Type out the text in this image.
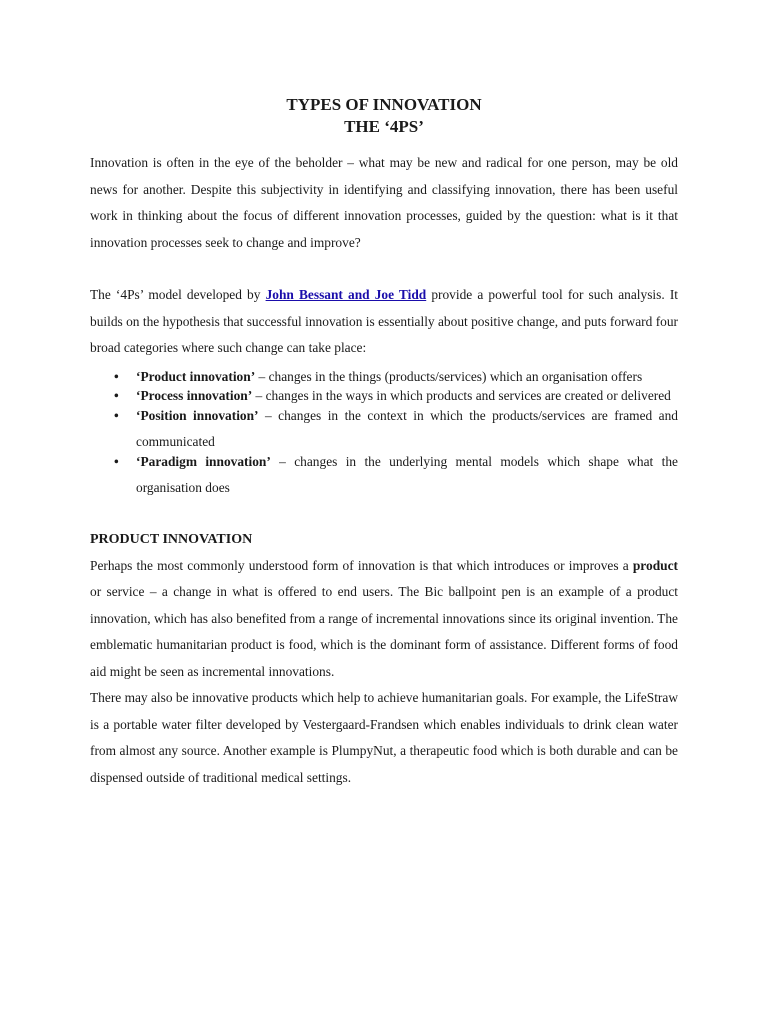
TYPES OF INNOVATION

THE ‘4PS’

Innovation is often in the eye of the beholder – what may be new and radical for one person, may be old news for another. Despite this subjectivity in identifying and classifying innovation, there has been useful work in thinking about the focus of different innovation processes, guided by the question: what is it that innovation processes seek to change and improve?

The ‘4Ps’ model developed by John Bessant and Joe Tidd provide a powerful tool for such analysis. It builds on the hypothesis that successful innovation is essentially about positive change, and puts forward four broad categories where such change can take place:

• ‘Product innovation’ – changes in the things (products/services) which an organisation offers
• ‘Process innovation’ – changes in the ways in which products and services are created or delivered
• ‘Position innovation’ – changes in the context in which the products/services are framed and communicated
• ‘Paradigm innovation’ – changes in the underlying mental models which shape what the organisation does

PRODUCT INNOVATION

Perhaps the most commonly understood form of innovation is that which introduces or improves a product or service – a change in what is offered to end users. The Bic ballpoint pen is an example of a product innovation, which has also benefited from a range of incremental innovations since its original invention. The emblematic humanitarian product is food, which is the dominant form of assistance. Different forms of food aid might be seen as incremental innovations.

There may also be innovative products which help to achieve humanitarian goals. For example, the LifeStraw is a portable water filter developed by Vestergaard-Frandsen which enables individuals to drink clean water from almost any source. Another example is PlumpyNut, a therapeutic food which is both durable and can be dispensed outside of traditional medical settings.
